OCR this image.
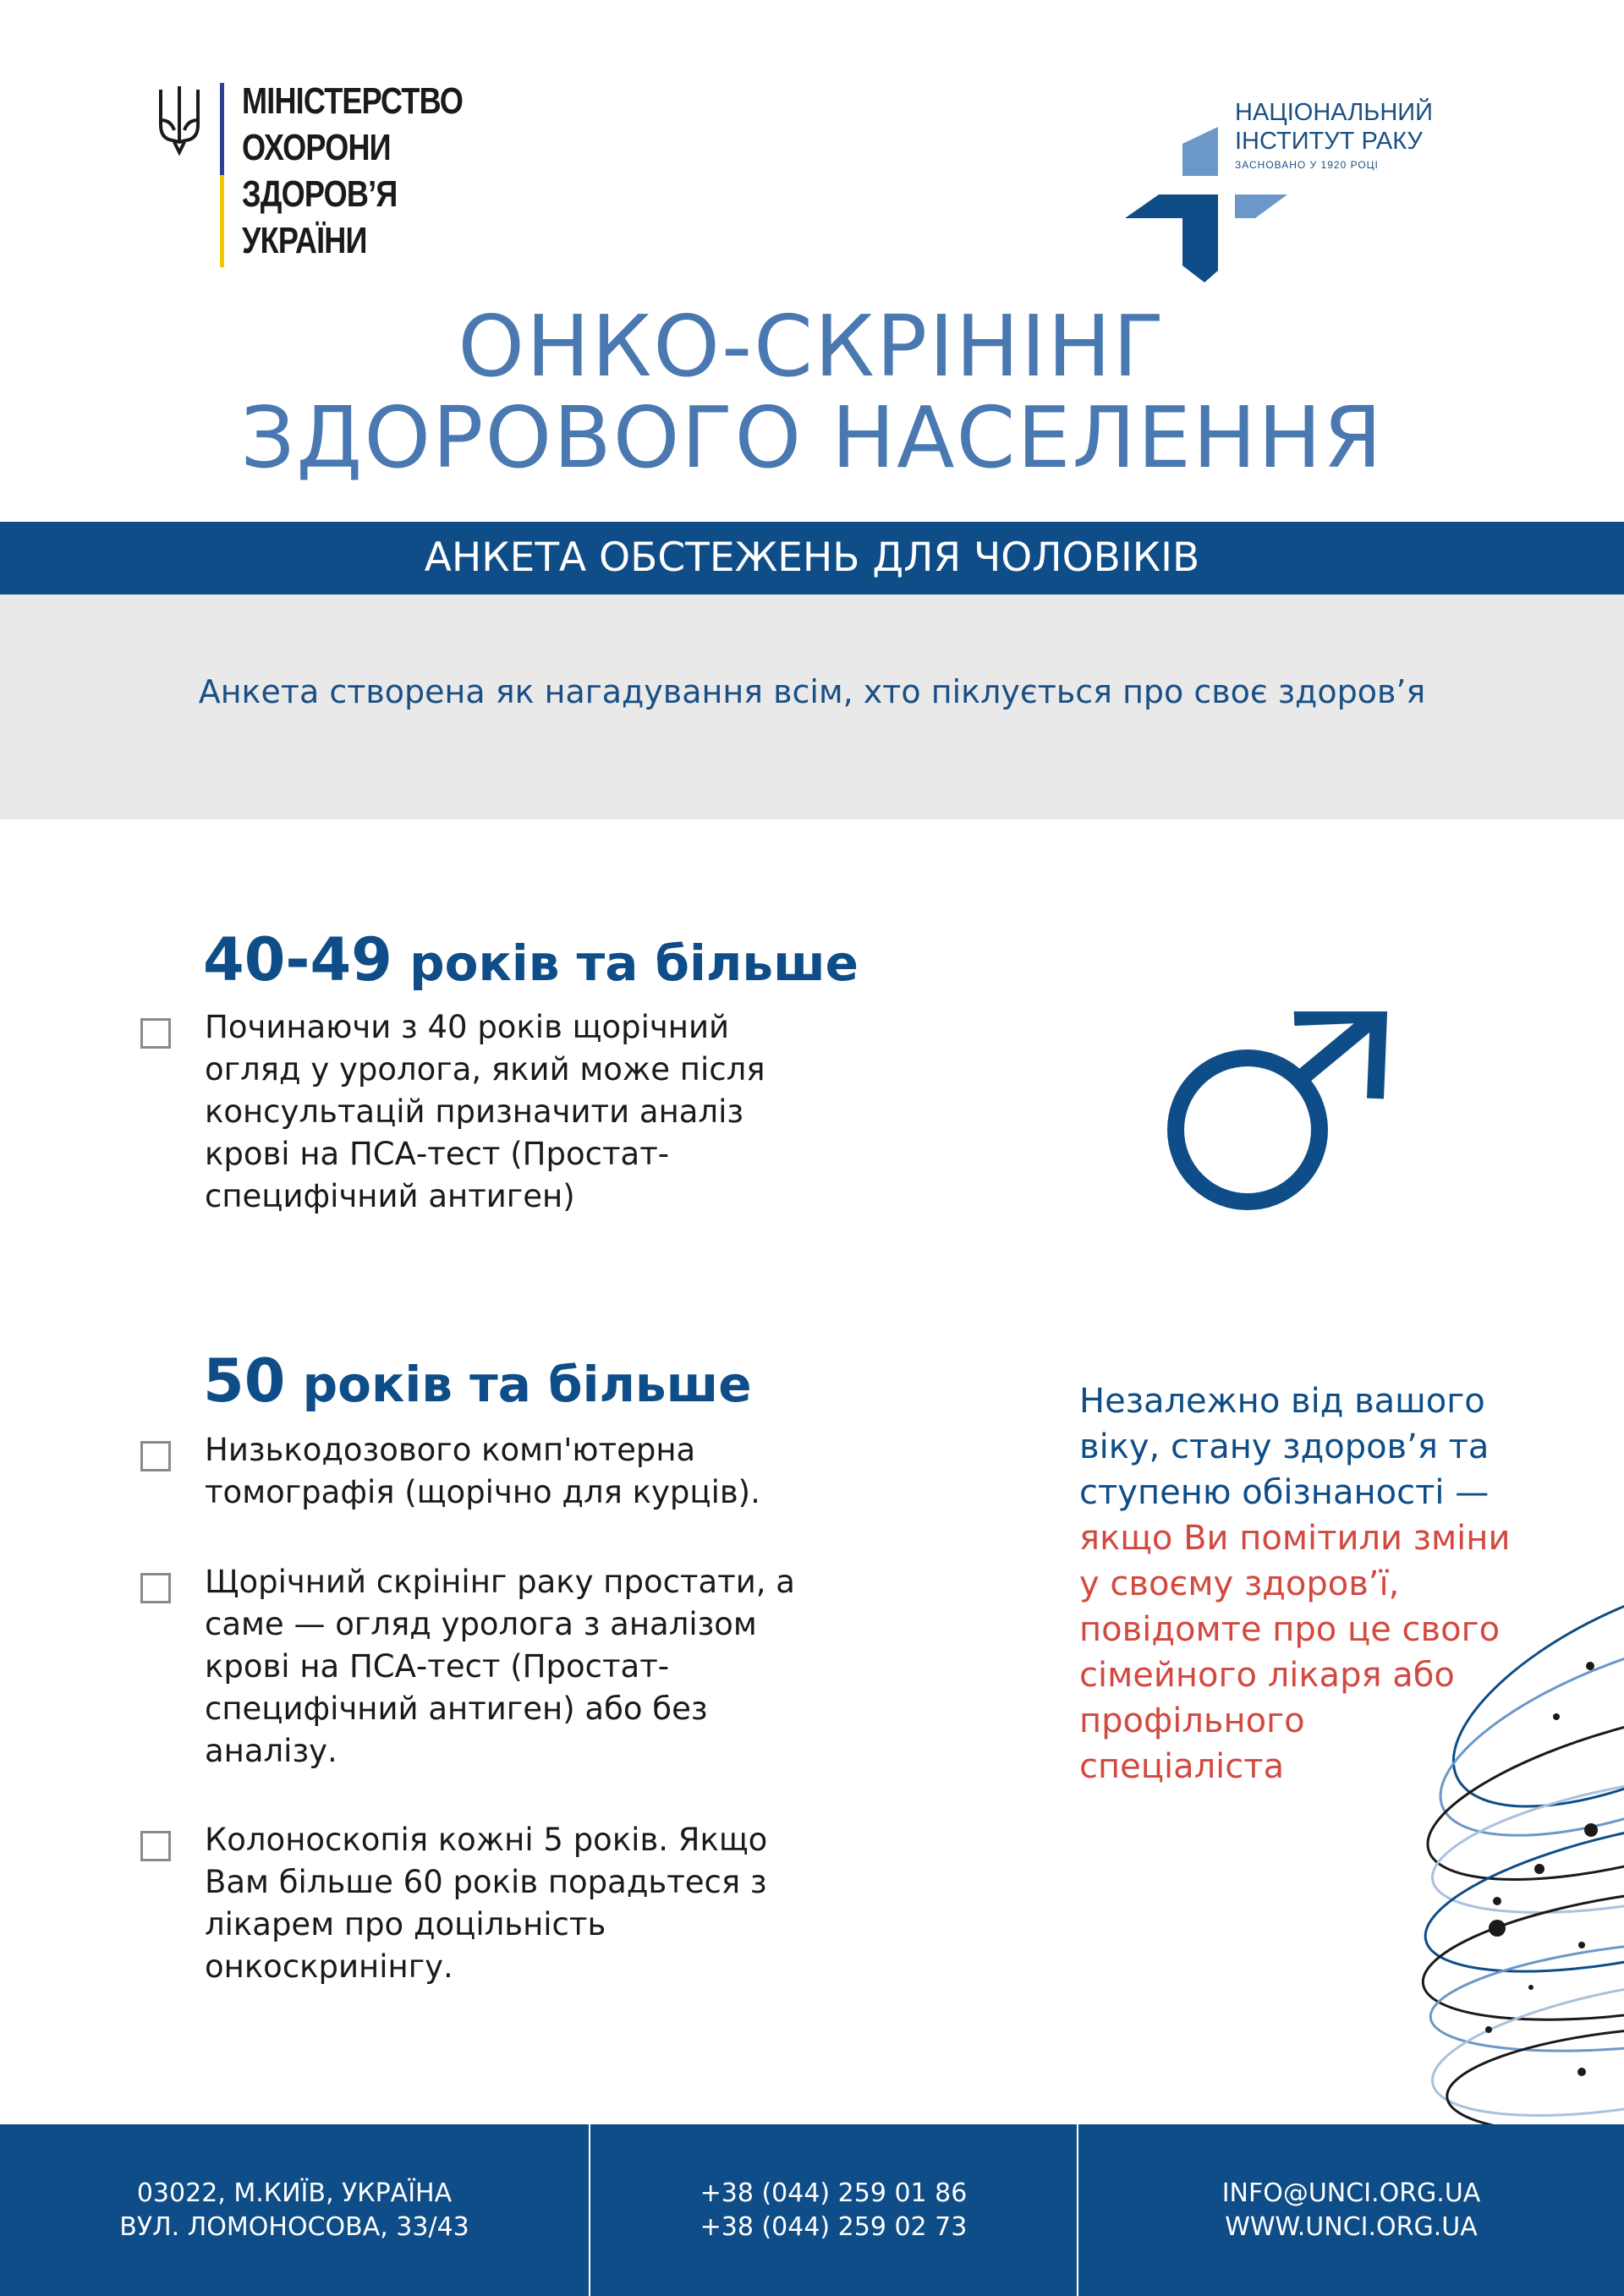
МІНІСТЕРСТВО
ОХОРОНИ
ЗДОРОВ’Я
УКРАЇНИ
НАЦІОНАЛЬНИЙ
ІНСТИТУТ РАКУ
ЗАСНОВАНО У 1920 РОЦІ
ОНКО-СКРІНІНГ
ЗДОРОВОГО НАСЕЛЕННЯ
АНКЕТА ОБСТЕЖЕНЬ ДЛЯ ЧОЛОВІКІВ
Анкета створена як нагадування всім, хто піклується про своє здоров’я
40-49 років та більше
Починаючи з 40 років щорічний огляд у уролога, який може після консультацій призначити аналіз крові на ПСА-тест (Простат-специфічний антиген)
50 років та більше
Низькодозового комп'ютерна томографія (щорічно для курців).
Щорічний скрінінг раку простати, а саме — огляд уролога з аналізом крові на ПСА-тест (Простат-специфічний антиген) або без аналізу.
Колоноскопія кожні 5 років. Якщо Вам більше 60 років порадьтеся з лікарем про доцільність онкоскринінгу.
Незалежно від вашого віку, стану здоров’я та ступеню обізнаності — якщо Ви помітили зміни у своєму здоров’ї, повідомте про це свого сімейного лікаря або профільного спеціаліста
03022, М.КИЇВ, УКРАЇНА
ВУЛ. ЛОМОНОСОВА, 33/43
+38 (044) 259 01 86
+38 (044) 259 02 73
INFO@UNCI.ORG.UA
WWW.UNCI.ORG.UA
